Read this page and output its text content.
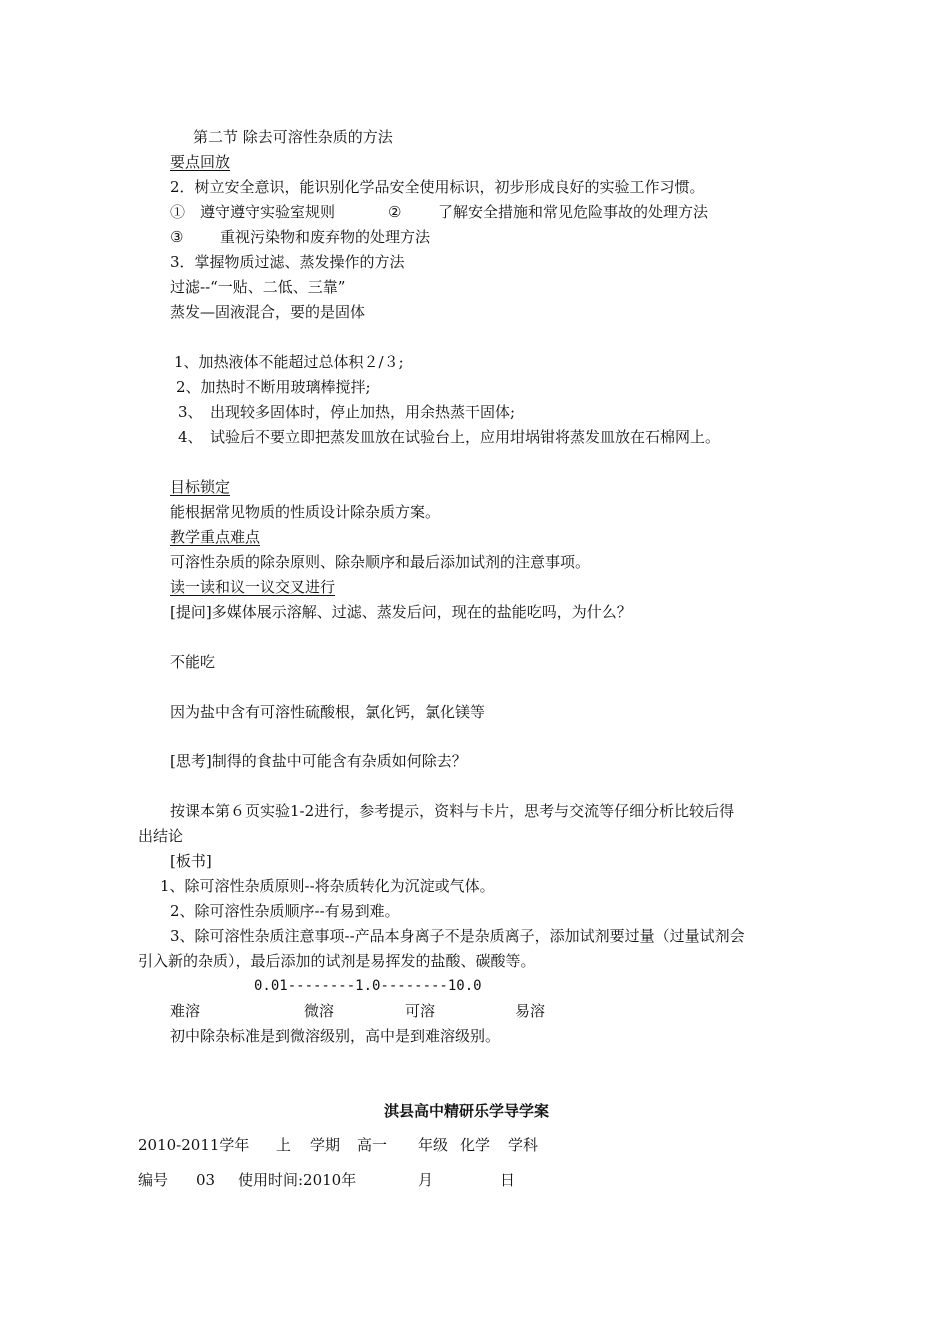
第二节 除去可溶性杂质的方法
要点回放
2．树立安全意识，能识别化学品安全使用标识，初步形成良好的实验工作习惯。
①　遵守遵守实验室规则	② 了解安全措施和常见危险事故的处理方法
③ 重视污染物和废弃物的处理方法
3．掌握物质过滤、蒸发操作的方法
过滤--“一贴、二低、三靠”
蒸发—固液混合，要的是固体
1、加热液体不能超过总体积２/３;
2、加热时不断用玻璃棒搅拌;
3、　出现较多固体时，停止加热，用余热蒸干固体;
4、　试验后不要立即把蒸发皿放在试验台上，应用坩埚钳将蒸发皿放在石棉网上。
目标锁定
能根据常见物质的性质设计除杂质方案。
教学重点难点
可溶性杂质的除杂原则、除杂顺序和最后添加试剂的注意事项。
读一读和议一议交叉进行
[提问]多媒体展示溶解、过滤、蒸发后问，现在的盐能吃吗，为什么？
不能吃
因为盐中含有可溶性硫酸根，氯化钙，氯化镁等
[思考]制得的食盐中可能含有杂质如何除去？
按课本第６页实验1-2进行，参考提示，资料与卡片，思考与交流等仔细分析比较后得
出结论
[板书]
1、除可溶性杂质原则--将杂质转化为沉淀或气体。
2、除可溶性杂质顺序--有易到难。
3、除可溶性杂质注意事项--产品本身离子不是杂质离子，添加试剂要过量（过量试剂会
引入新的杂质），最后添加的试剂是易挥发的盐酸、碳酸等。
0.01--------1.0--------10.0
难溶	微溶	可溶	易溶
初中除杂标准是到微溶级别，高中是到难溶级别。
淇县高中精研乐学导学案
2010-2011学年 上 学期 高一 年级 化学 学科
编号 03 使用时间:2010年	月	日
